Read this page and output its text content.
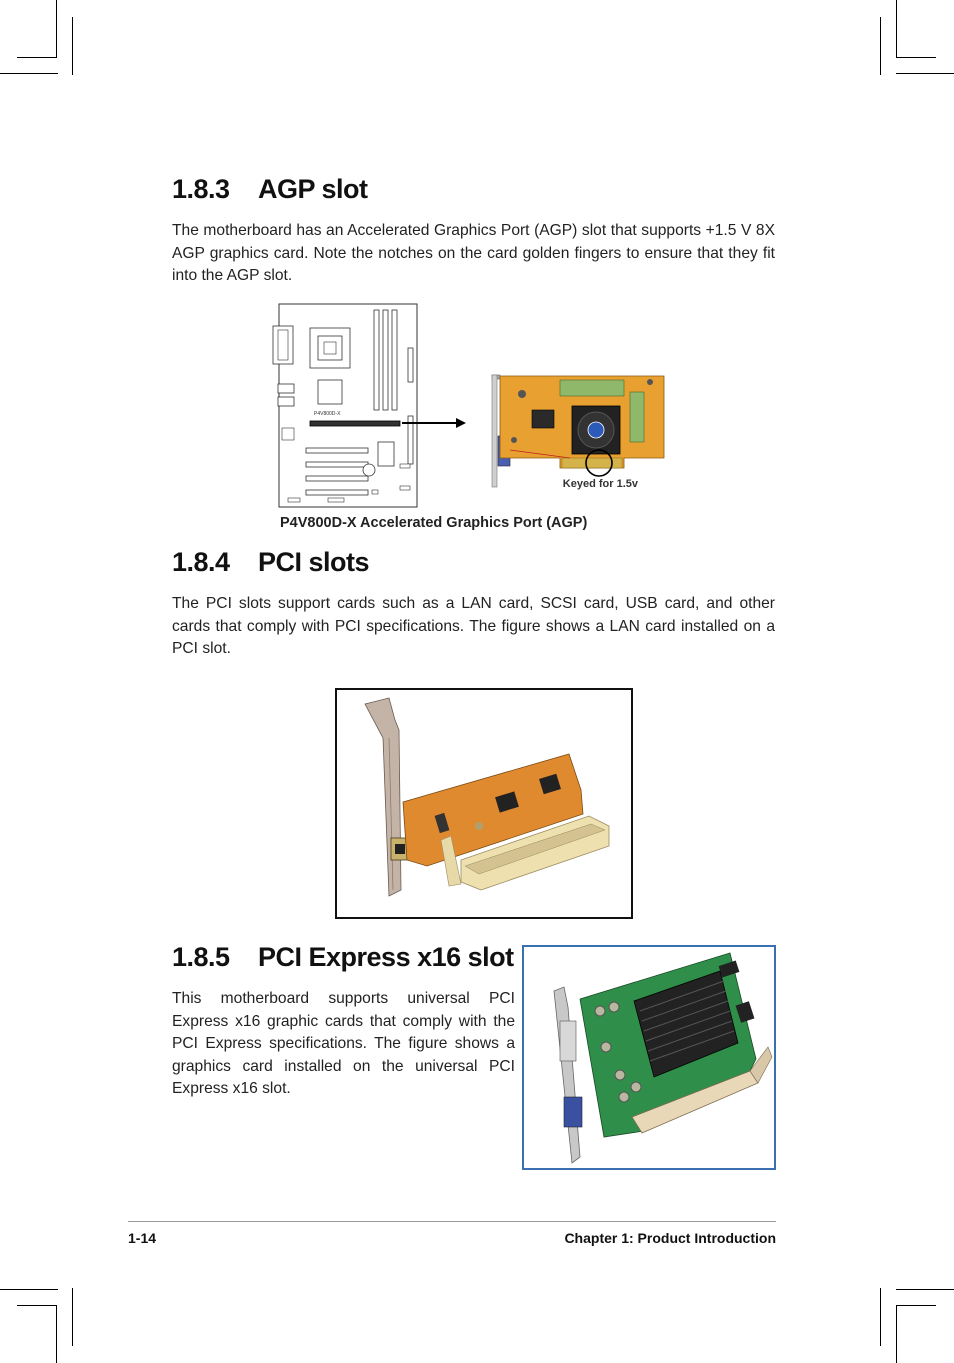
1.8.3 AGP slot

The motherboard has an Accelerated Graphics Port (AGP) slot that supports +1.5 V 8X AGP graphics card. Note the notches on the card golden fingers to ensure that they fit into the AGP slot.

P4V800D-X
Keyed for 1.5v
P4V800D-X Accelerated Graphics Port (AGP)
1.8.4 PCI slots

The PCI slots support cards such as a LAN card, SCSI card, USB card, and other cards that comply with PCI specifications. The figure shows a LAN card installed on a PCI slot.

1.8.5 PCI Express x16 slot

This motherboard supports universal PCI Express x16 graphic cards that comply with the PCI Express specifications. The figure shows a graphics card installed on the universal PCI Express x16 slot.

1-14	Chapter 1: Product Introduction
